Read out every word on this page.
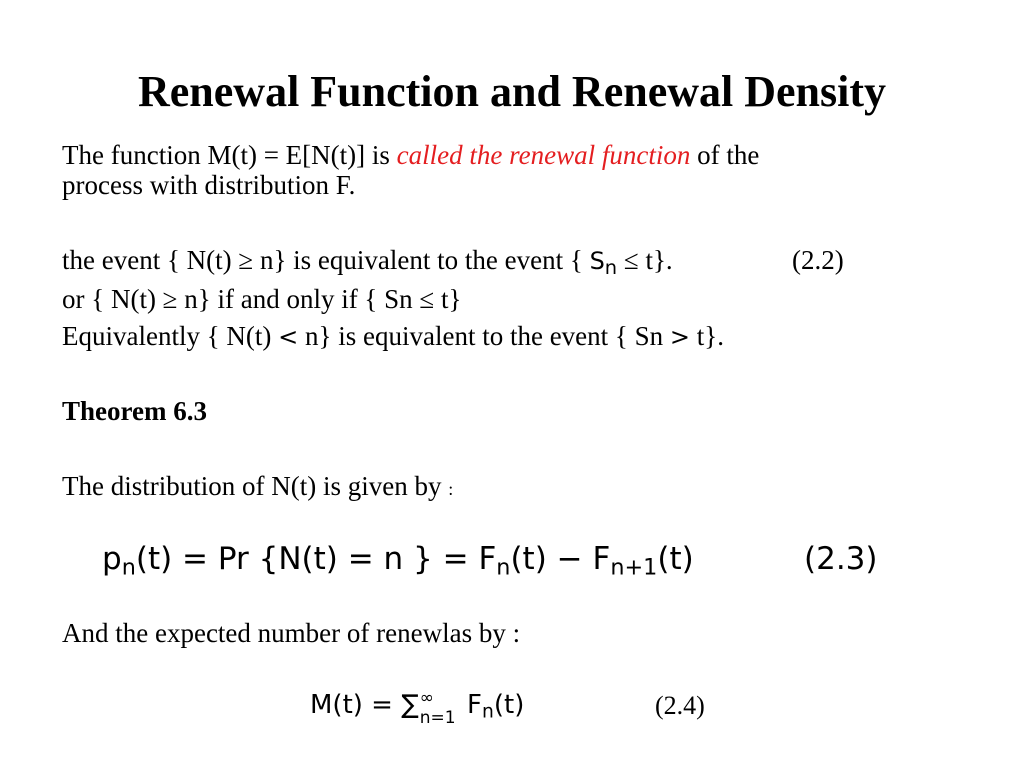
Renewal Function and Renewal Density
The function M(t) = E[N(t)] is called the renewal function of the
process with distribution F.
the event { N(t) ≥ n} is equivalent to the event { $S_n \le t$}.	(2.2)
or { N(t) ≥ n} if and only if { Sn ≤ t}
Equivalently { N(t) < n} is equivalent to the event { Sn > t}.
Theorem 6.3
The distribution of N(t) is given by :
$p_n(t) = Pr$ {N(t) = n } = $F_n(t) - F_{n+1}(t)$	(2.3)
And the expected number of renewlas by :
M(t) = ∑ ∞
n=1 $F_n(t)$	(2.4)
